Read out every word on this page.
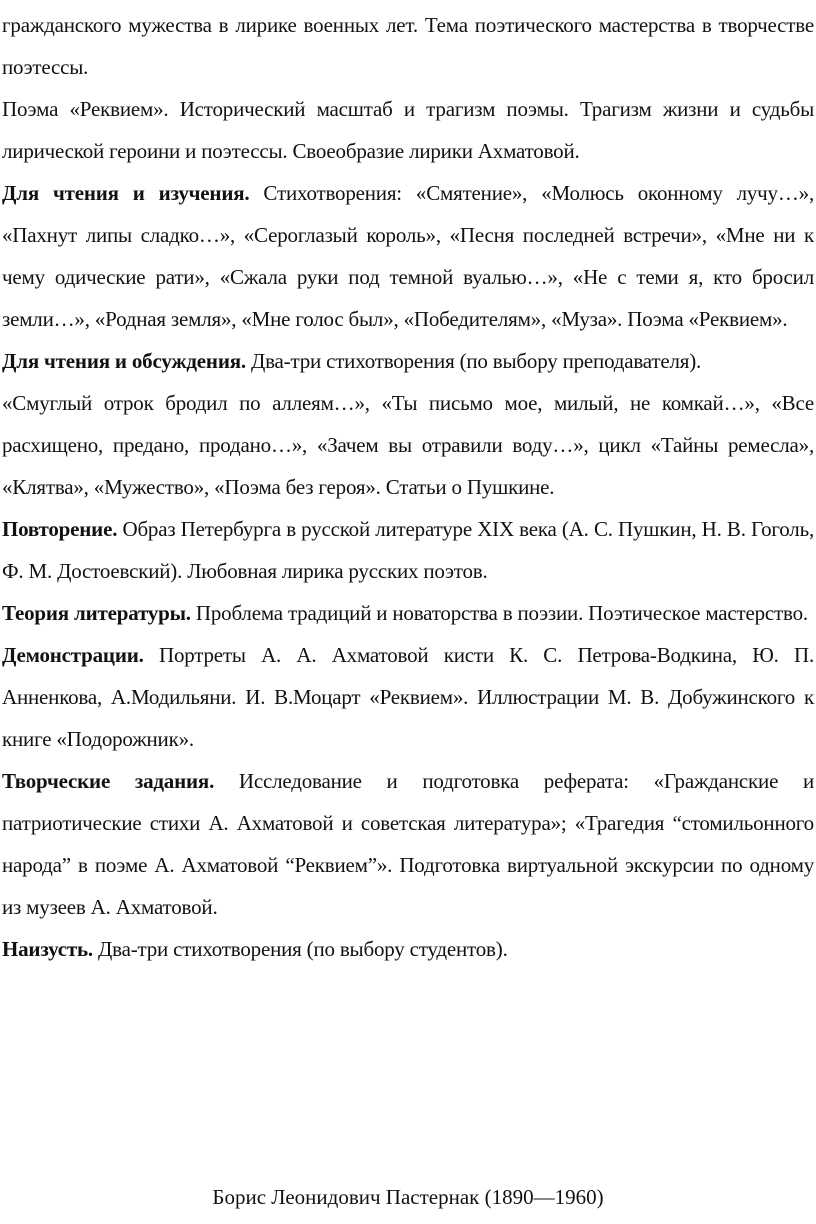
гражданского мужества в лирике военных лет. Тема поэтического мастерства в творчестве поэтессы.

Поэма «Реквием». Исторический масштаб и трагизм поэмы. Трагизм жизни и судьбы лирической героини и поэтессы. Своеобразие лирики Ахматовой.

Для чтения и изучения. Стихотворения: «Смятение», «Молюсь оконному лучу…», «Пахнут липы сладко…», «Сероглазый король», «Песня последней встречи», «Мне ни к чему одические рати», «Сжала руки под темной вуалью…», «Не с теми я, кто бросил земли…», «Родная земля», «Мне голос был», «Победителям», «Муза». Поэма «Реквием».

Для чтения и обсуждения. Два-три стихотворения (по выбору преподавателя).

«Смуглый отрок бродил по аллеям…», «Ты письмо мое, милый, не комкай…», «Все расхищено, предано, продано…», «Зачем вы отравили воду…», цикл «Тайны ремесла», «Клятва», «Мужество», «Поэма без героя». Статьи о Пушкине.

Повторение. Образ Петербурга в русской литературе XIX века (А. С. Пушкин, Н. В. Гоголь, Ф. М. Достоевский). Любовная лирика русских поэтов.

Теория литературы. Проблема традиций и новаторства в поэзии. Поэтическое мастерство.

Демонстрации. Портреты А. А. Ахматовой кисти К. С. Петрова-Водкина, Ю. П. Анненкова, А.Модильяни. И. В.Моцарт «Реквием». Иллюстрации М. В. Добужинского к книге «Подорожник».

Творческие задания. Исследование и подготовка реферата: «Гражданские и патриотические стихи А. Ахматовой и советская литература»; «Трагедия “стомильонного народа” в поэме А. Ахматовой “Реквием”». Подготовка виртуальной экскурсии по одному из музеев А. Ахматовой.

Наизусть. Два-три стихотворения (по выбору студентов).

Борис Леонидович Пастернак (1890—1960)
